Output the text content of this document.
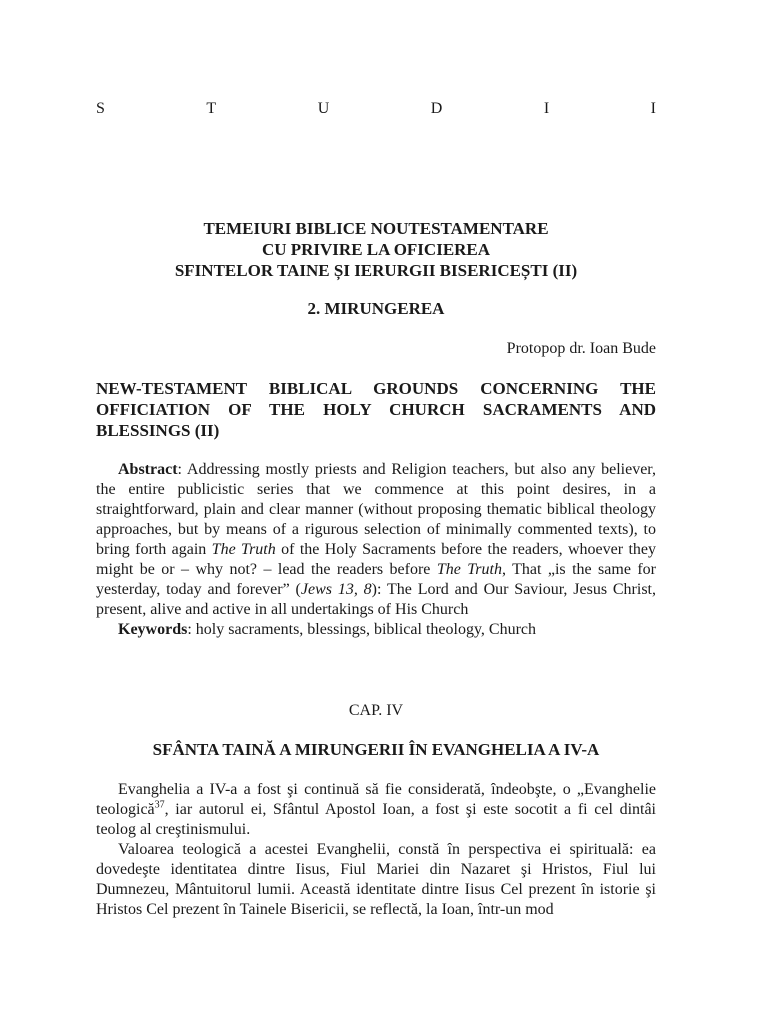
S	T	U	D	I	I
TEMEIURI BIBLICE NOUTESTAMENTARE
CU PRIVIRE LA OFICIEREA
SFINTELOR TAINE ȘI IERURGII BISERICEȘTI (II)
2. MIRUNGEREA
Protopop dr. Ioan Bude
NEW-TESTAMENT BIBLICAL GROUNDS CONCERNING THE OFFICIATION OF THE HOLY CHURCH SACRAMENTS AND BLESSINGS (II)

Abstract: Addressing mostly priests and Religion teachers, but also any believer, the entire publicistic series that we commence at this point desires, in a straightforward, plain and clear manner (without proposing thematic biblical theology approaches, but by means of a rigurous selection of minimally commented texts), to bring forth again The Truth of the Holy Sacraments before the readers, whoever they might be or – why not? – lead the readers before The Truth, That „is the same for yesterday, today and forever” (Jews 13, 8): The Lord and Our Saviour, Jesus Christ, present, alive and active in all undertakings of His Church

Keywords: holy sacraments, blessings, biblical theology, Church

CAP. IV
SFÂNTA TAINĂ A MIRUNGERII ÎN EVANGHELIA A IV-A

Evanghelia a IV-a a fost şi continuă să fie considerată, îndeobşte, o „Evanghelie teologică$^{37}$, iar autorul ei, Sfântul Apostol Ioan, a fost şi este socotit a fi cel dintâi teolog al creştinismului.

Valoarea teologică a acestei Evanghelii, constă în perspectiva ei spirituală: ea dovedeşte identitatea dintre Iisus, Fiul Mariei din Nazaret şi Hristos, Fiul lui Dumnezeu, Mântuitorul lumii. Această identitate dintre Iisus Cel prezent în istorie şi Hristos Cel prezent în Tainele Bisericii, se reflectă, la Ioan, într-un mod
